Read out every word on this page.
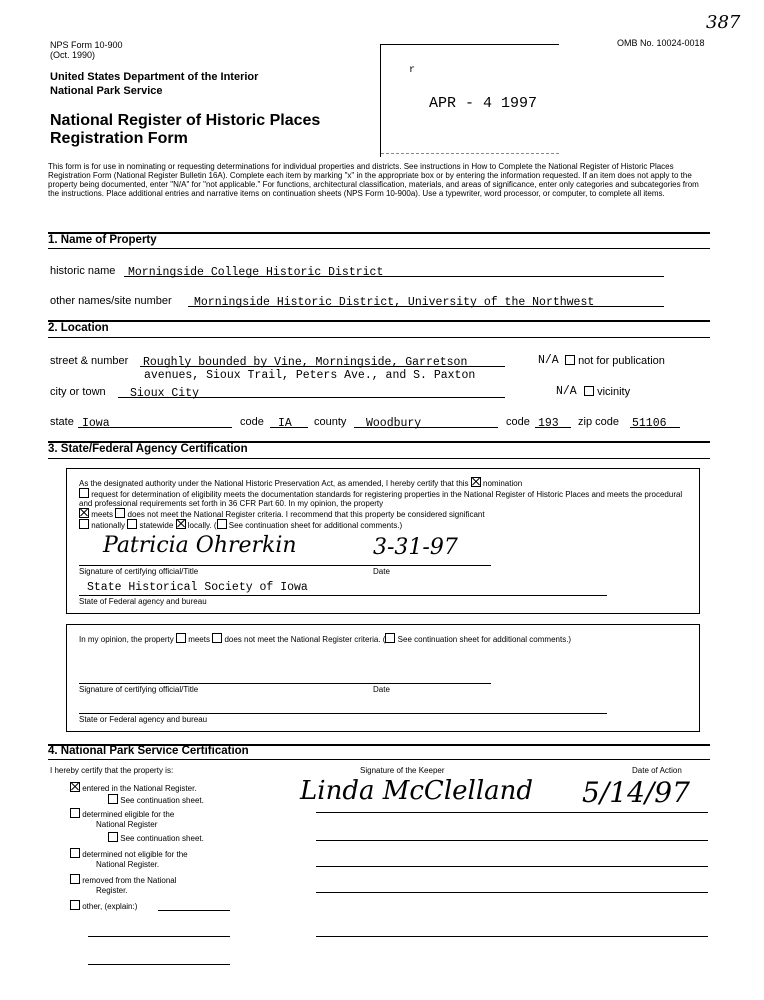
387
NPS Form 10-900
(Oct. 1990)
OMB No. 10024-0018
United States Department of the Interior
National Park Service
National Register of Historic Places
Registration Form
r
APR - 4 1997
This form is for use in nominating or requesting determinations for individual properties and districts. See instructions in How to Complete the National Register of Historic Places Registration Form (National Register Bulletin 16A). Complete each item by marking "x" in the appropriate box or by entering the information requested. If an item does not apply to the property being documented, enter "N/A" for "not applicable." For functions, architectural classification, materials, and areas of significance, enter only categories and subcategories from the instructions. Place additional entries and narrative items on continuation sheets (NPS Form 10-900a). Use a typewriter, word processor, or computer, to complete all items.
1. Name of Property
historic name	Morningside College Historic District
other names/site number	Morningside Historic District, University of the Northwest
2. Location
street & number Roughly bounded by Vine, Morningside, Garretson
avenues, Sioux Trail, Peters Ave., and S. Paxton
N/A	not for publication
city or town	Sioux City	N/A	vicinity
state Iowa	code	IA	county	Woodbury	code 193	zip code 51106
3. State/Federal Agency Certification
As the designated authority under the National Historic Preservation Act, as amended, I hereby certify that this nomination
request for determination of eligibility meets the documentation standards for registering properties in the National Register of Historic Places and meets the procedural and professional requirements set forth in 36 CFR Part 60. In my opinion, the property
meets does not meet the National Register criteria. I recommend that this property be considered significant
nationally statewide locally. ( See continuation sheet for additional comments.)
Patricia Ohrerkin	3-31-97
Signature of certifying official/Title	Date
State Historical Society of Iowa
State of Federal agency and bureau
In my opinion, the property meets does not meet the National Register criteria. ( See continuation sheet for additional comments.)
Signature of certifying official/Title	Date
State or Federal agency and bureau
4. National Park Service Certification
I hereby certify that the property is:	Signature of the Keeper	Date of Action
Linda McClelland 5/14/97
entered in the National Register.
See continuation sheet.
determined eligible for the
National Register
See continuation sheet.
determined not eligible for the
National Register.
removed from the National
Register.
other, (explain:)
